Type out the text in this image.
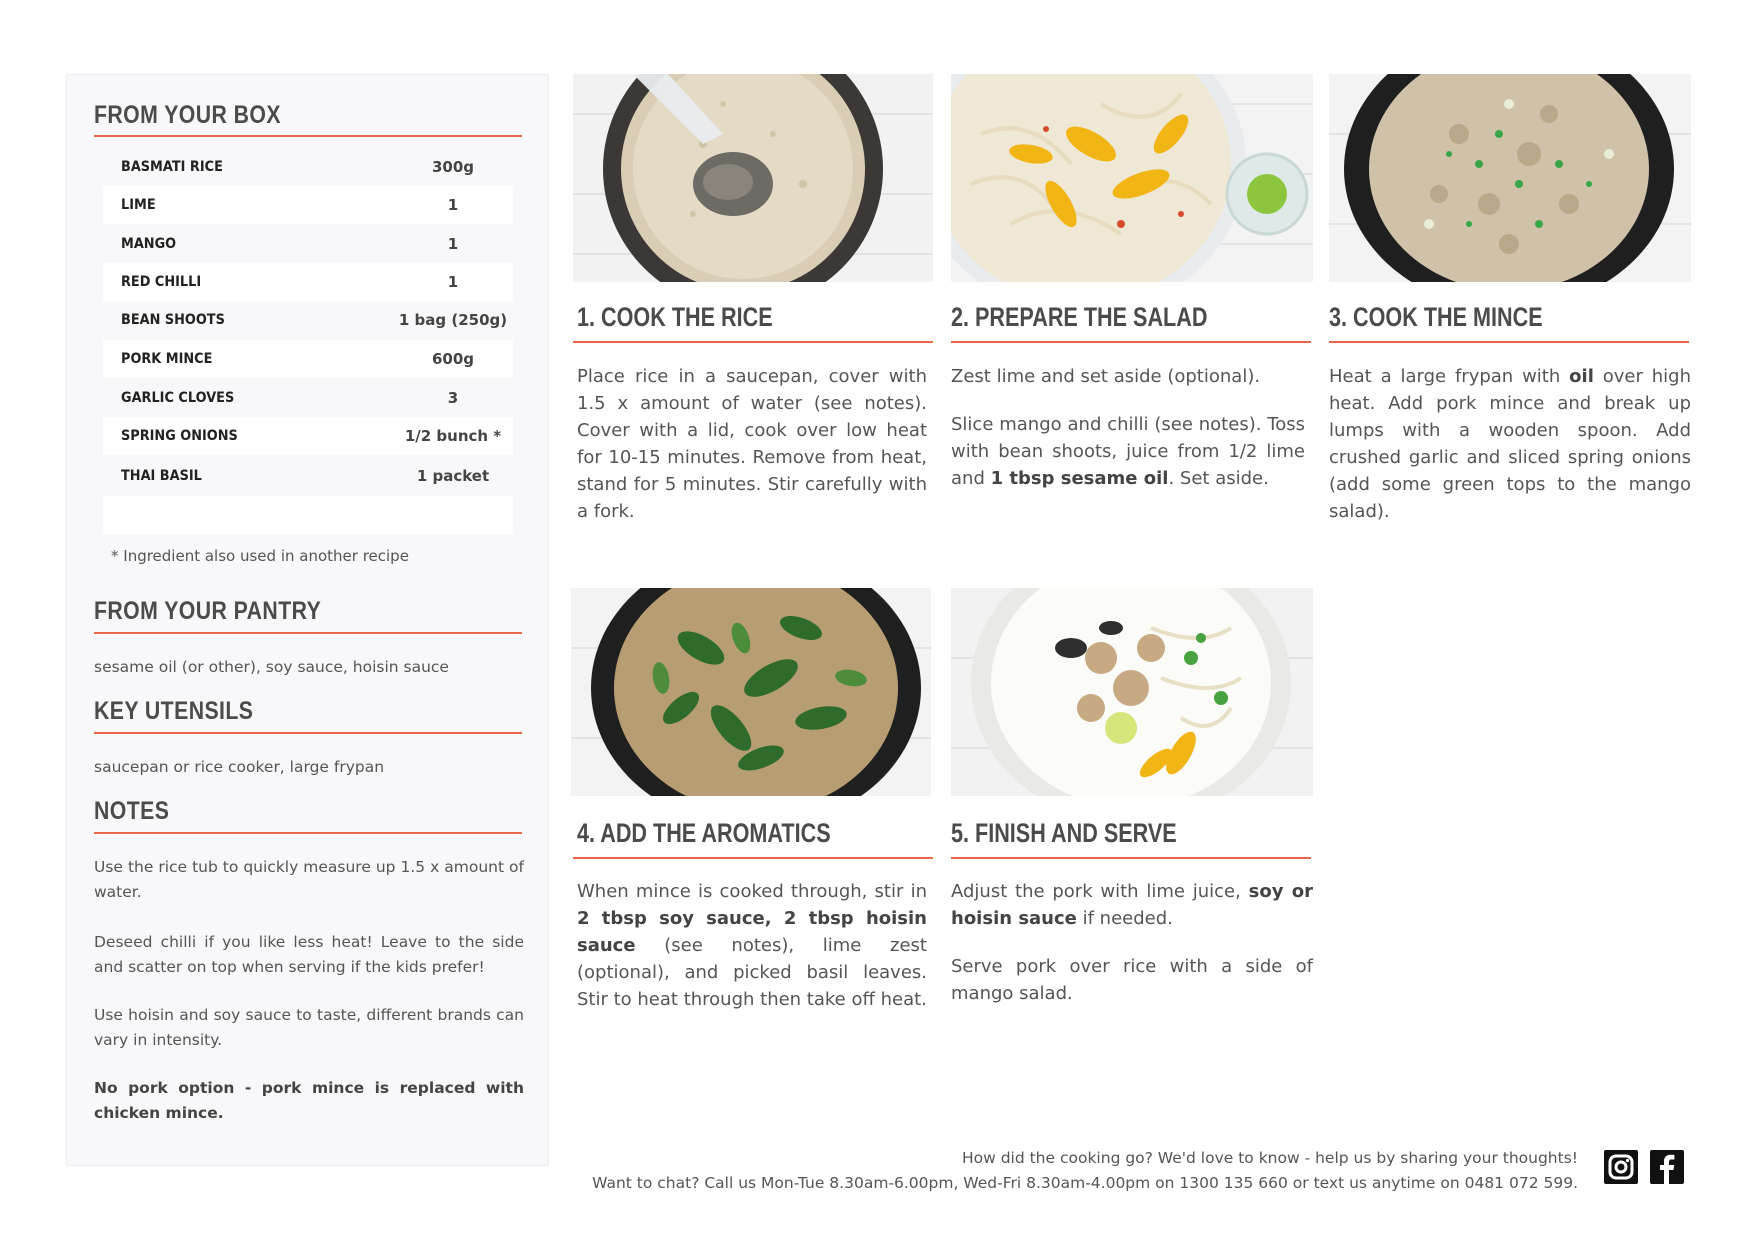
FROM YOUR BOX
BASMATI RICE	300g
LIME	1
MANGO	1
RED CHILLI	1
BEAN SHOOTS	1 bag (250g)
PORK MINCE	600g
GARLIC CLOVES	3
SPRING ONIONS	1/2 bunch *
THAI BASIL	1 packet
* Ingredient also used in another recipe
FROM YOUR PANTRY
sesame oil (or other), soy sauce, hoisin sauce
KEY UTENSILS
saucepan or rice cooker, large frypan
NOTES
Use the rice tub to quickly measure up 1.5 x amount of water.
Deseed chilli if you like less heat! Leave to the side and scatter on top when serving if the kids prefer!
Use hoisin and soy sauce to taste, different brands can vary in intensity.
No pork option - pork mince is replaced with chicken mince.
1. COOK THE RICE

Place rice in a saucepan, cover with 1.5 x amount of water (see notes). Cover with a lid, cook over low heat for 10-15 minutes. Remove from heat, stand for 5 minutes. Stir carefully with a fork.

2. PREPARE THE SALAD

Zest lime and set aside (optional).

Slice mango and chilli (see notes). Toss with bean shoots, juice from 1/2 lime and 1 tbsp sesame oil. Set aside.

3. COOK THE MINCE

Heat a large frypan with oil over high heat. Add pork mince and break up lumps with a wooden spoon. Add crushed garlic and sliced spring onions (add some green tops to the mango salad).

4. ADD THE AROMATICS

When mince is cooked through, stir in 2 tbsp soy sauce, 2 tbsp hoisin sauce (see notes), lime zest (optional), and picked basil leaves. Stir to heat through then take off heat.

5. FINISH AND SERVE

Adjust the pork with lime juice, soy or hoisin sauce if needed.

Serve pork over rice with a side of mango salad.

How did the cooking go? We'd love to know - help us by sharing your thoughts!
Want to chat? Call us Mon-Tue 8.30am-6.00pm, Wed-Fri 8.30am-4.00pm on 1300 135 660 or text us anytime on 0481 072 599.
